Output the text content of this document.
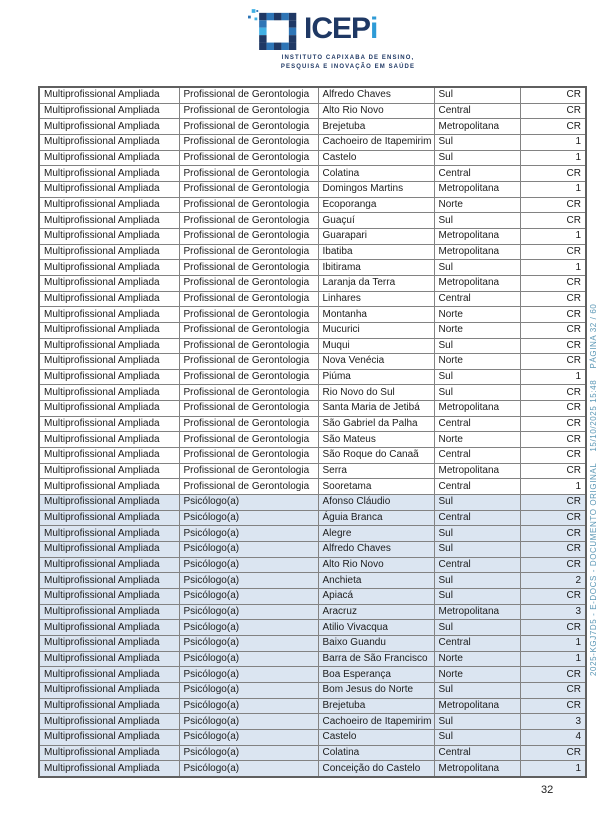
ICEPi
INSTITUTO CAPIXABA DE ENSINO,
PESQUISA E INOVAÇÃO EM SAÚDE
Multiprofissional Ampliada	Profissional de Gerontologia	Alfredo Chaves	Sul	CR
Multiprofissional Ampliada	Profissional de Gerontologia	Alto Rio Novo	Central	CR
Multiprofissional Ampliada	Profissional de Gerontologia	Brejetuba	Metropolitana	CR
Multiprofissional Ampliada	Profissional de Gerontologia	Cachoeiro de Itapemirim	Sul	1
Multiprofissional Ampliada	Profissional de Gerontologia	Castelo	Sul	1
Multiprofissional Ampliada	Profissional de Gerontologia	Colatina	Central	CR
Multiprofissional Ampliada	Profissional de Gerontologia	Domingos Martins	Metropolitana	1
Multiprofissional Ampliada	Profissional de Gerontologia	Ecoporanga	Norte	CR
Multiprofissional Ampliada	Profissional de Gerontologia	Guaçuí	Sul	CR
Multiprofissional Ampliada	Profissional de Gerontologia	Guarapari	Metropolitana	1
Multiprofissional Ampliada	Profissional de Gerontologia	Ibatiba	Metropolitana	CR
Multiprofissional Ampliada	Profissional de Gerontologia	Ibitirama	Sul	1
Multiprofissional Ampliada	Profissional de Gerontologia	Laranja da Terra	Metropolitana	CR
Multiprofissional Ampliada	Profissional de Gerontologia	Linhares	Central	CR
Multiprofissional Ampliada	Profissional de Gerontologia	Montanha	Norte	CR
Multiprofissional Ampliada	Profissional de Gerontologia	Mucurici	Norte	CR
Multiprofissional Ampliada	Profissional de Gerontologia	Muqui	Sul	CR
Multiprofissional Ampliada	Profissional de Gerontologia	Nova Venécia	Norte	CR
Multiprofissional Ampliada	Profissional de Gerontologia	Piúma	Sul	1
Multiprofissional Ampliada	Profissional de Gerontologia	Rio Novo do Sul	Sul	CR
Multiprofissional Ampliada	Profissional de Gerontologia	Santa Maria de Jetibá	Metropolitana	CR
Multiprofissional Ampliada	Profissional de Gerontologia	São Gabriel da Palha	Central	CR
Multiprofissional Ampliada	Profissional de Gerontologia	São Mateus	Norte	CR
Multiprofissional Ampliada	Profissional de Gerontologia	São Roque do Canaã	Central	CR
Multiprofissional Ampliada	Profissional de Gerontologia	Serra	Metropolitana	CR
Multiprofissional Ampliada	Profissional de Gerontologia	Sooretama	Central	1
Multiprofissional Ampliada	Psicólogo(a)	Afonso Cláudio	Sul	CR
Multiprofissional Ampliada	Psicólogo(a)	Águia Branca	Central	CR
Multiprofissional Ampliada	Psicólogo(a)	Alegre	Sul	CR
Multiprofissional Ampliada	Psicólogo(a)	Alfredo Chaves	Sul	CR
Multiprofissional Ampliada	Psicólogo(a)	Alto Rio Novo	Central	CR
Multiprofissional Ampliada	Psicólogo(a)	Anchieta	Sul	2
Multiprofissional Ampliada	Psicólogo(a)	Apiacá	Sul	CR
Multiprofissional Ampliada	Psicólogo(a)	Aracruz	Metropolitana	3
Multiprofissional Ampliada	Psicólogo(a)	Atilio Vivacqua	Sul	CR
Multiprofissional Ampliada	Psicólogo(a)	Baixo Guandu	Central	1
Multiprofissional Ampliada	Psicólogo(a)	Barra de São Francisco	Norte	1
Multiprofissional Ampliada	Psicólogo(a)	Boa Esperança	Norte	CR
Multiprofissional Ampliada	Psicólogo(a)	Bom Jesus do Norte	Sul	CR
Multiprofissional Ampliada	Psicólogo(a)	Brejetuba	Metropolitana	CR
Multiprofissional Ampliada	Psicólogo(a)	Cachoeiro de Itapemirim	Sul	3
Multiprofissional Ampliada	Psicólogo(a)	Castelo	Sul	4
Multiprofissional Ampliada	Psicólogo(a)	Colatina	Central	CR
Multiprofissional Ampliada	Psicólogo(a)	Conceição do Castelo	Metropolitana	1
2025-KGJ7D5 - E-DOCS - DOCUMENTO ORIGINAL    15/10/2025 15:48    PÁGINA 32 / 60
32
